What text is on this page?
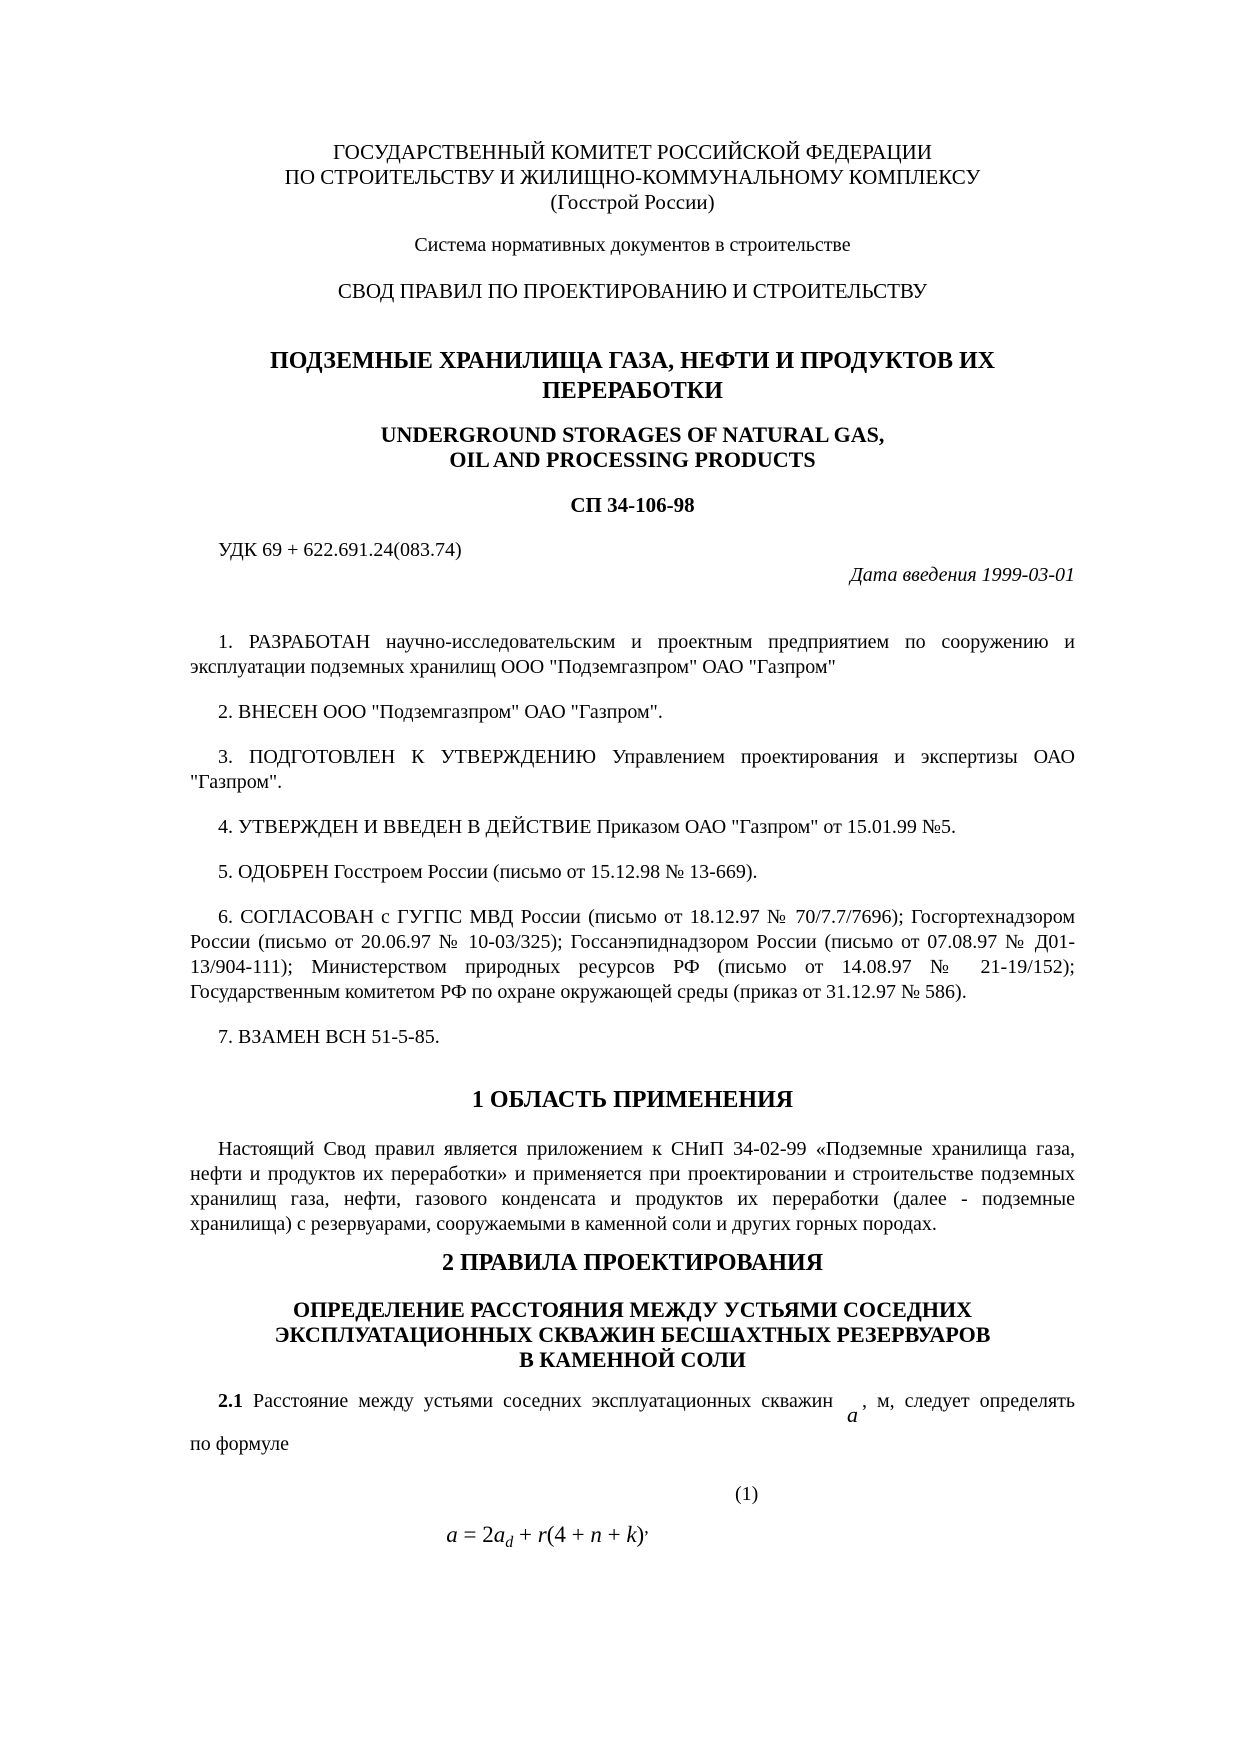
ГОСУДАРСТВЕННЫЙ КОМИТЕТ РОССИЙСКОЙ ФЕДЕРАЦИИ
ПО СТРОИТЕЛЬСТВУ И ЖИЛИЩНО-КОММУНАЛЬНОМУ КОМПЛЕКСУ
(Госстрой России)
Система нормативных документов в строительстве
СВОД ПРАВИЛ ПО ПРОЕКТИРОВАНИЮ И СТРОИТЕЛЬСТВУ
ПОДЗЕМНЫЕ ХРАНИЛИЩА ГАЗА, НЕФТИ И ПРОДУКТОВ ИХ ПЕРЕРАБОТКИ
UNDERGROUND STORAGES OF NATURAL GAS,
OIL AND PROCESSING PRODUCTS
СП 34-106-98
УДК 69 + 622.691.24(083.74)
Дата введения 1999-03-01

1. РАЗРАБОТАН научно-исследовательским и проектным предприятием по сооружению и эксплуатации подземных хранилищ ООО "Подземгазпром" ОАО "Газпром"

2. ВНЕСЕН ООО "Подземгазпром" ОАО "Газпром".

3. ПОДГОТОВЛЕН К УТВЕРЖДЕНИЮ Управлением проектирования и экспертизы ОАО "Газпром".

4. УТВЕРЖДЕН И ВВЕДЕН В ДЕЙСТВИЕ Приказом ОАО "Газпром" от 15.01.99 №5.

5. ОДОБРЕН Госстроем России (письмо от 15.12.98 № 13-669).

6. СОГЛАСОВАН с ГУГПС МВД России (письмо от 18.12.97 № 70/7.7/7696); Госгортехнадзором России (письмо от 20.06.97 № 10-03/325); Госсанэпиднадзором России (письмо от 07.08.97 № Д01-13/904-111); Министерством природных ресурсов РФ (письмо от 14.08.97 № 21-19/152); Государственным комитетом РФ по охране окружающей среды (приказ от 31.12.97 № 586).

7. ВЗАМЕН ВСН 51-5-85.

1 ОБЛАСТЬ ПРИМЕНЕНИЯ

Настоящий Свод правил является приложением к СНиП 34-02-99 «Подземные хранилища газа, нефти и продуктов их переработки» и применяется при проектировании и строительстве подземных хранилищ газа, нефти, газового конденсата и продуктов их переработки (далее - подземные хранилища) с резервуарами, сооружаемыми в каменной соли и других горных породах.

2 ПРАВИЛА ПРОЕКТИРОВАНИЯ
ОПРЕДЕЛЕНИЕ РАССТОЯНИЯ МЕЖДУ УСТЬЯМИ СОСЕДНИХ
ЭКСПЛУАТАЦИОННЫХ СКВАЖИН БЕСШАХТНЫХ РЕЗЕРВУАРОВ
В КАМЕННОЙ СОЛИ
2.1 Расстояние между устьями соседних эксплуатационных скважин a, м, следует определять
по формуле
(1)
$a = 2a_d + r(4 + n + k)^,$
